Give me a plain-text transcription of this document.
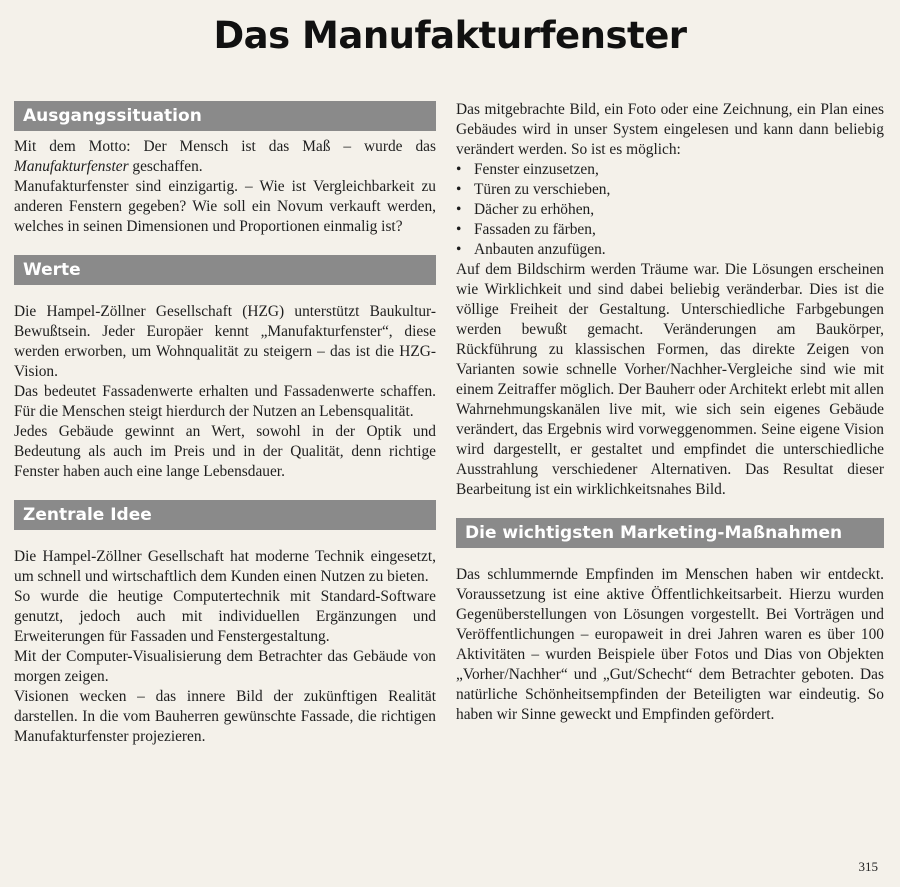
Das Manufakturfenster
Ausgangssituation

Mit dem Motto: Der Mensch ist das Maß – wurde das Manufakturfenster geschaffen.

Manufakturfenster sind einzigartig. – Wie ist Vergleichbarkeit zu anderen Fenstern gegeben? Wie soll ein Novum verkauft werden, welches in seinen Dimensionen und Proportionen einmalig ist?

Werte

Die Hampel-Zöllner Gesellschaft (HZG) unterstützt Baukultur-Bewußtsein. Jeder Europäer kennt „Manufakturfenster“, diese werden erworben, um Wohnqualität zu steigern – das ist die HZG-Vision.

Das bedeutet Fassadenwerte erhalten und Fassadenwerte schaffen. Für die Menschen steigt hierdurch der Nutzen an Lebensqualität.

Jedes Gebäude gewinnt an Wert, sowohl in der Optik und Bedeutung als auch im Preis und in der Qualität, denn richtige Fenster haben auch eine lange Lebensdauer.

Zentrale Idee

Die Hampel-Zöllner Gesellschaft hat moderne Technik eingesetzt, um schnell und wirtschaftlich dem Kunden einen Nutzen zu bieten.

So wurde die heutige Computertechnik mit Standard-Software genutzt, jedoch auch mit individuellen Ergänzungen und Erweiterungen für Fassaden und Fenstergestaltung.

Mit der Computer-Visualisierung dem Betrachter das Gebäude von morgen zeigen.

Visionen wecken – das innere Bild der zukünftigen Realität darstellen. In die vom Bauherren gewünschte Fassade, die richtigen Manufakturfenster projezieren.

Das mitgebrachte Bild, ein Foto oder eine Zeichnung, ein Plan eines Gebäudes wird in unser System eingelesen und kann dann beliebig verändert werden. So ist es möglich:

• Fenster einzusetzen,
• Türen zu verschieben,
• Dächer zu erhöhen,
• Fassaden zu färben,
• Anbauten anzufügen.

Auf dem Bildschirm werden Träume war. Die Lösungen erscheinen wie Wirklichkeit und sind dabei beliebig veränderbar. Dies ist die völlige Freiheit der Gestaltung. Unterschiedliche Farbgebungen werden bewußt gemacht. Veränderungen am Baukörper, Rückführung zu klassischen Formen, das direkte Zeigen von Varianten sowie schnelle Vorher/Nachher-Vergleiche sind wie mit einem Zeitraffer möglich. Der Bauherr oder Architekt erlebt mit allen Wahrnehmungskanälen live mit, wie sich sein eigenes Gebäude verändert, das Ergebnis wird vorweggenommen. Seine eigene Vision wird dargestellt, er gestaltet und empfindet die unterschiedliche Ausstrahlung verschiedener Alternativen. Das Resultat dieser Bearbeitung ist ein wirklichkeitsnahes Bild.

Die wichtigsten Marketing-Maßnahmen

Das schlummernde Empfinden im Menschen haben wir entdeckt. Voraussetzung ist eine aktive Öffentlichkeitsarbeit. Hierzu wurden Gegenüberstellungen von Lösungen vorgestellt. Bei Vorträgen und Veröffentlichungen – europaweit in drei Jahren waren es über 100 Aktivitäten – wurden Beispiele über Fotos und Dias von Objekten „Vorher/Nachher“ und „Gut/Schecht“ dem Betrachter geboten. Das natürliche Schönheitsempfinden der Beteiligten war eindeutig. So haben wir Sinne geweckt und Empfinden gefördert.

315
